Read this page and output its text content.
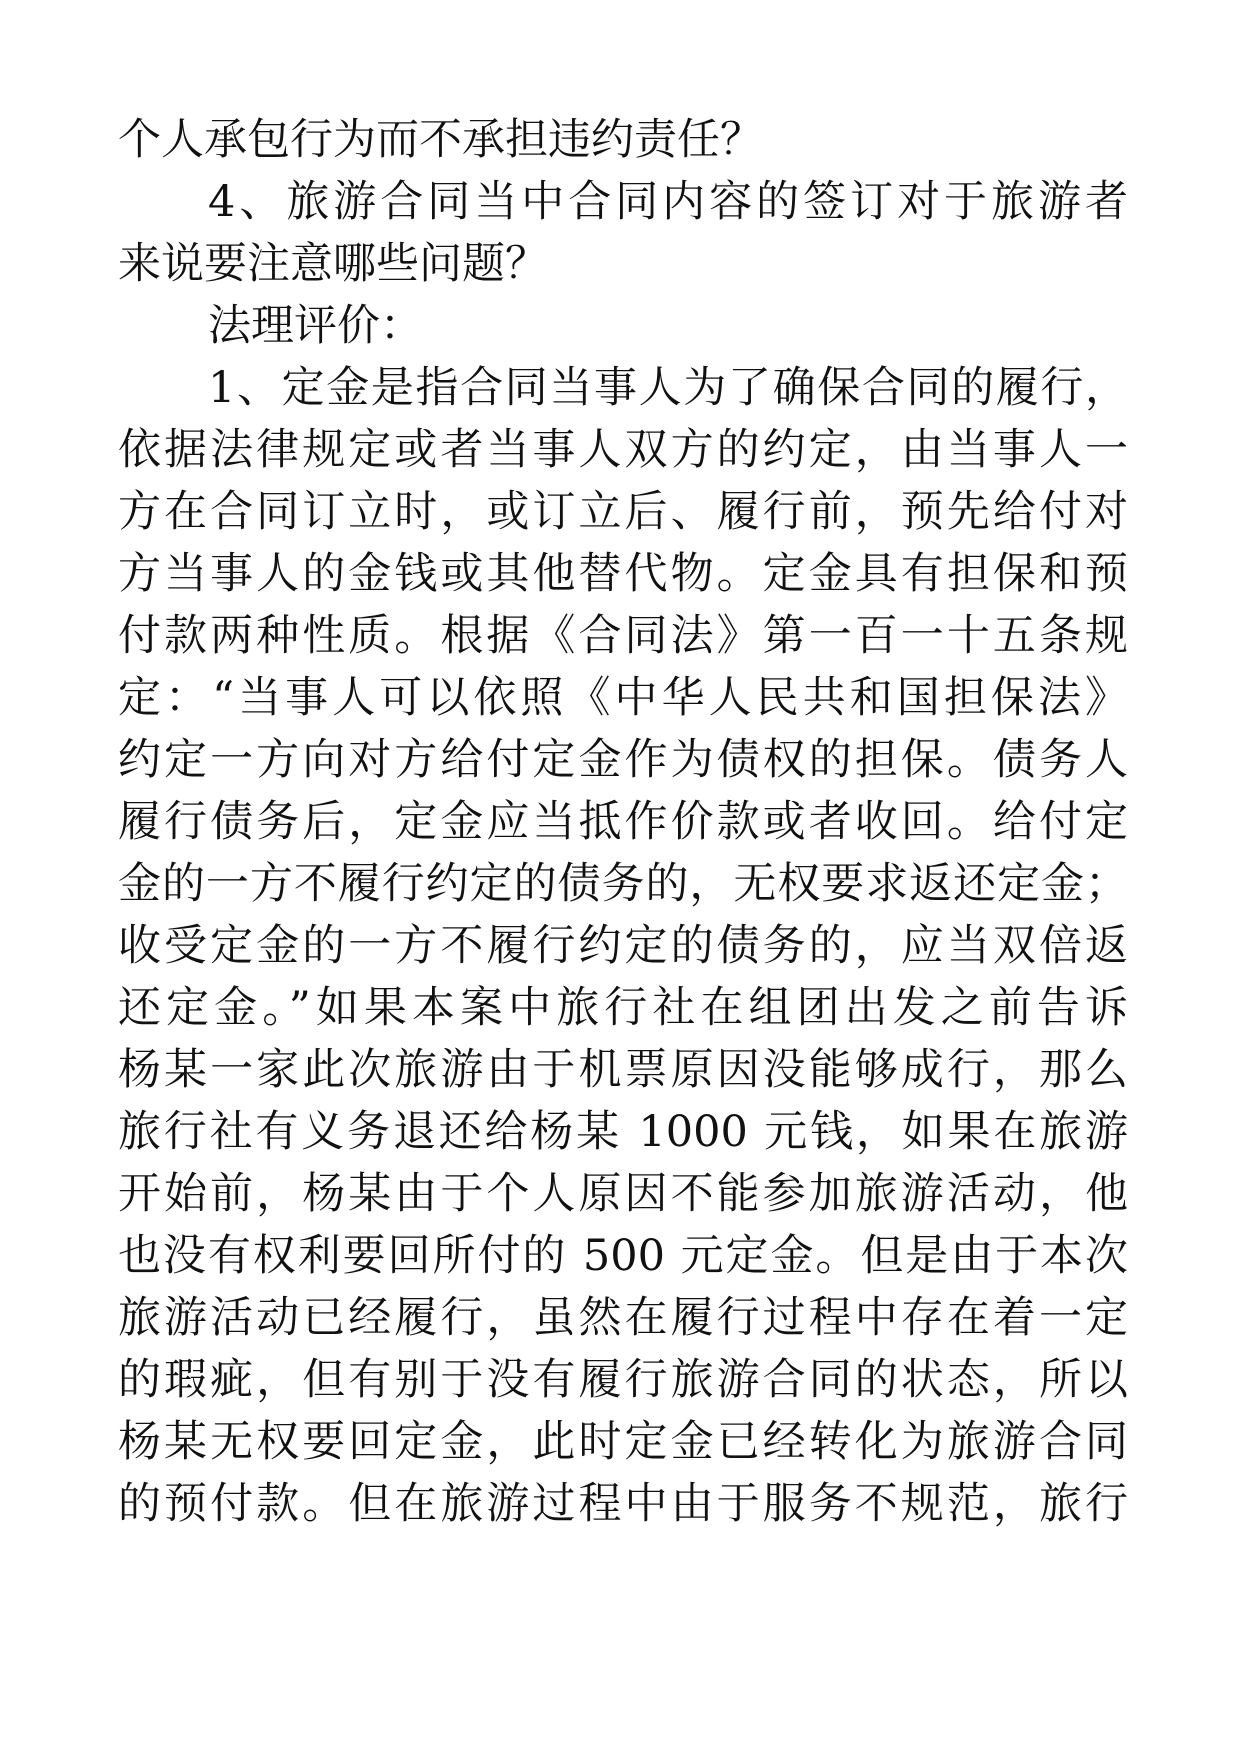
个人承包行为而不承担违约责任？
4、旅游合同当中合同内容的签订对于旅游者
来说要注意哪些问题？
法理评价：
1、定金是指合同当事人为了确保合同的履行，
依据法律规定或者当事人双方的约定，由当事人一
方在合同订立时，或订立后、履行前，预先给付对
方当事人的金钱或其他替代物。定金具有担保和预
付款两种性质。根据《合同法》第一百一十五条规
定：“当事人可以依照《中华人民共和国担保法》
约定一方向对方给付定金作为债权的担保。债务人
履行债务后，定金应当抵作价款或者收回。给付定
金的一方不履行约定的债务的，无权要求返还定金；
收受定金的一方不履行约定的债务的，应当双倍返
还定金。”如果本案中旅行社在组团出发之前告诉
杨某一家此次旅游由于机票原因没能够成行，那么
旅行社有义务退还给杨某 1000 元钱，如果在旅游
开始前，杨某由于个人原因不能参加旅游活动，他
也没有权利要回所付的 500 元定金。但是由于本次
旅游活动已经履行，虽然在履行过程中存在着一定
的瑕疵，但有别于没有履行旅游合同的状态，所以
杨某无权要回定金，此时定金已经转化为旅游合同
的预付款。但在旅游过程中由于服务不规范，旅行
